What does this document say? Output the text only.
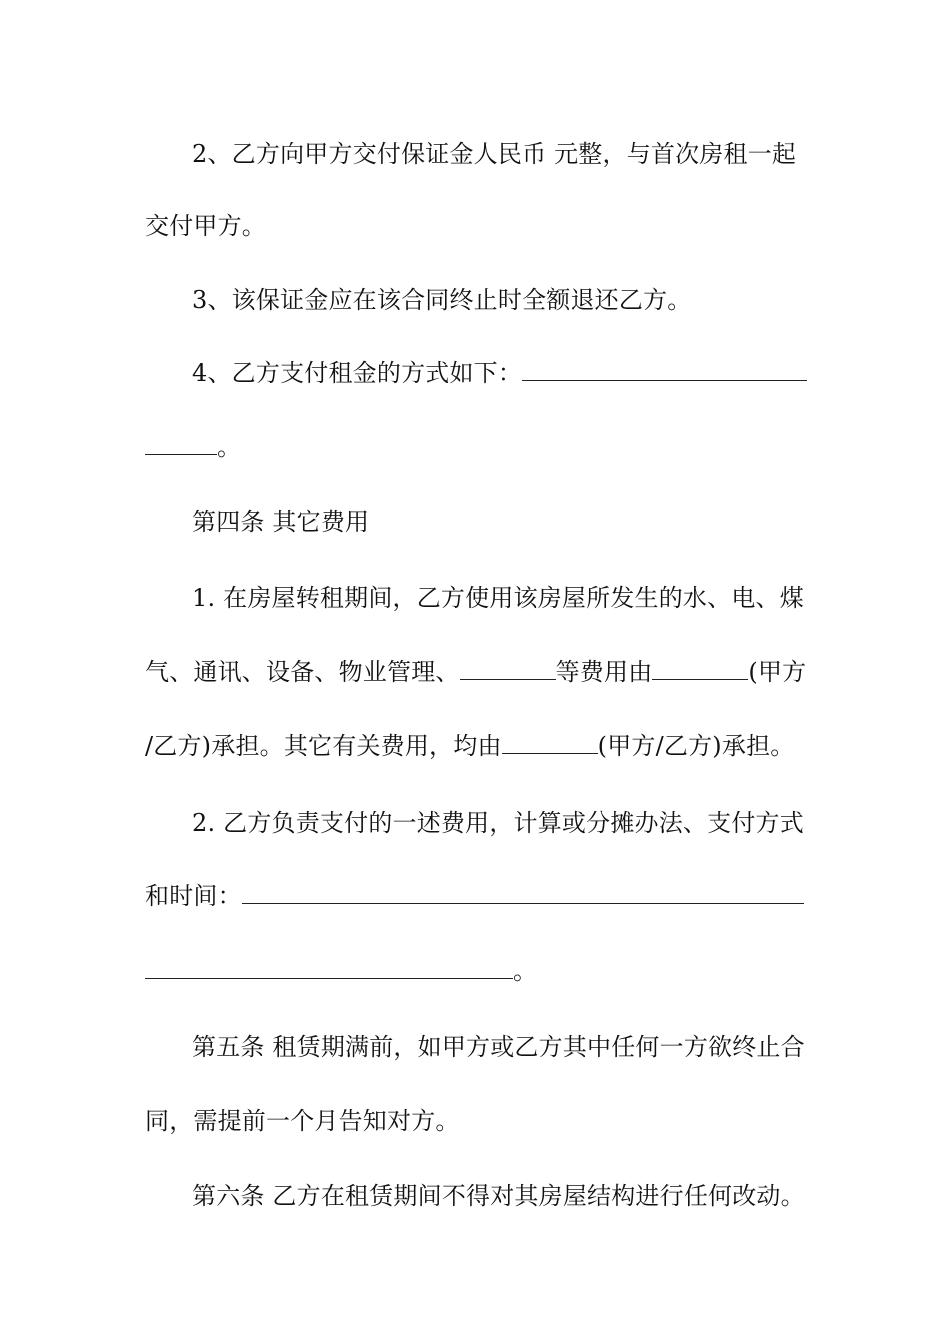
2、乙方向甲方交付保证金人民币 元整，与首次房租一起
交付甲方。
3、该保证金应在该合同终止时全额退还乙方。
4、乙方支付租金的方式如下：
。
第四条 其它费用
1. 在房屋转租期间，乙方使用该房屋所发生的水、电、煤
气、通讯、设备、物业管理、	等费用由	(甲方
/乙方)承担。其它有关费用，均由	(甲方/乙方)承担。
2. 乙方负责支付的一述费用，计算或分摊办法、支付方式
和时间：
。
第五条 租赁期满前，如甲方或乙方其中任何一方欲终止合
同，需提前一个月告知对方。
第六条 乙方在租赁期间不得对其房屋结构进行任何改动。
